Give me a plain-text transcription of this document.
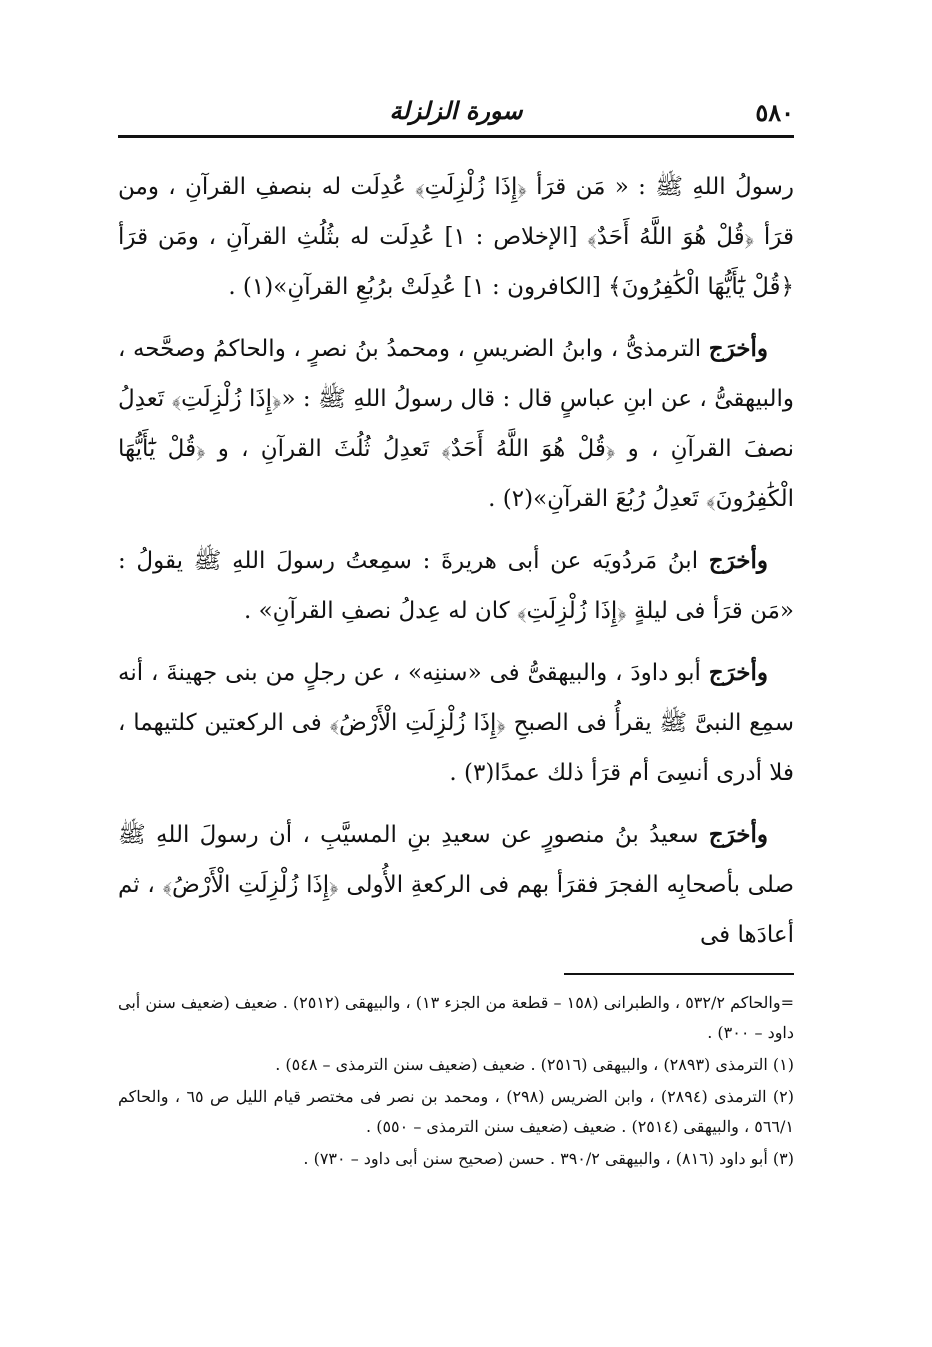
٥٨٠
سورة الزلزلة

رسولُ اللهِ ﷺ : « مَن قرَأ ﴿إِذَا زُلْزِلَتِ﴾ عُدِلَت له بنصفِ القرآنِ ، ومن قرَأ ﴿قُلْ هُوَ اللَّهُ أَحَدٌ﴾ [الإخلاص : ١] عُدِلَت له بثُلُثِ القرآنِ ، ومَن قرَأ ﴿قُلْ يَٰٓأَيُّهَا الْكَٰفِرُونَ﴾ [الكافرون : ١] عُدِلَتْ برُبُعِ القرآنِ»(١) .

وأخرَج الترمذىُّ ، وابنُ الضريسِ ، ومحمدُ بنُ نصرٍ ، والحاكمُ وصحَّحه ، والبيهقىُّ ، عن ابنِ عباسٍ قال : قال رسولُ اللهِ ﷺ : «﴿إِذَا زُلْزِلَتِ﴾ تَعدِلُ نصفَ القرآنِ ، و ﴿قُلْ هُوَ اللَّهُ أَحَدٌ﴾ تَعدِلُ ثُلُثَ القرآنِ ، و ﴿قُلْ يَٰٓأَيُّهَا الْكَٰفِرُونَ﴾ تَعدِلُ رُبُعَ القرآنِ»(٢) .

وأخرَج ابنُ مَردُويَه عن أبى هريرةَ : سمِعتُ رسولَ اللهِ ﷺ يقولُ : «مَن قرَأ فى ليلةٍ ﴿إِذَا زُلْزِلَتِ﴾ كان له عِدلُ نصفِ القرآنِ» .

وأخرَج أبو داودَ ، والبيهقىُّ فى «سننِه» ، عن رجلٍ من بنى جهينةَ ، أنه سمِع النبىَّ ﷺ يقرأُ فى الصبحِ ﴿إِذَا زُلْزِلَتِ الْأَرْضُ﴾ فى الركعتين كلتيهما ، فلا أدرى أنسِىَ أم قرَأ ذلك عمدًا(٣) .

وأخرَج سعيدُ بنُ منصورٍ عن سعيدِ بنِ المسيَّبِ ، أن رسولَ اللهِ ﷺ صلى بأصحابِه الفجرَ فقرَأ بهم فى الركعةِ الأُولى ﴿إِذَا زُلْزِلَتِ الْأَرْضُ﴾ ، ثم أعادَها فى

=والحاكم ٥٣٢/٢ ، والطبرانى (١٥٨ – قطعة من الجزء ١٣) ، والبيهقى (٢٥١٢) . ضعيف (ضعيف سنن أبى داود – ٣٠٠) .

(١) الترمذى (٢٨٩٣) ، والبيهقى (٢٥١٦) . ضعيف (ضعيف سنن الترمذى – ٥٤٨) .

(٢) الترمذى (٢٨٩٤) ، وابن الضريس (٢٩٨) ، ومحمد بن نصر فى مختصر قيام الليل ص ٦٥ ، والحاكم ٥٦٦/١ ، والبيهقى (٢٥١٤) . ضعيف (ضعيف سنن الترمذى – ٥٥٠) .

(٣) أبو داود (٨١٦) ، والبيهقى ٣٩٠/٢ . حسن (صحيح سنن أبى داود – ٧٣٠) .
